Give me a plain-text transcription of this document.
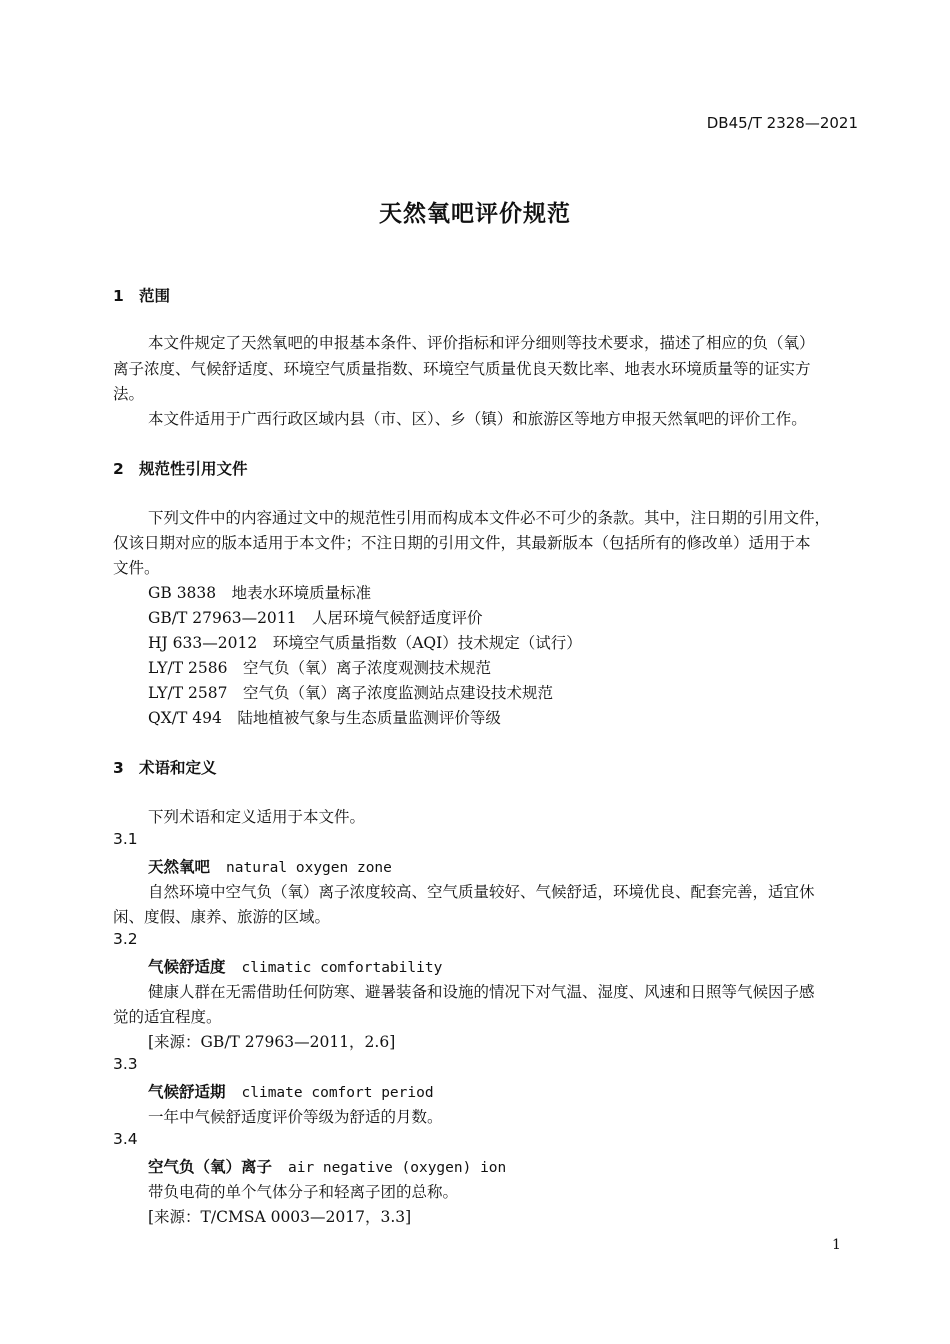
DB45/T 2328—2021
天然氧吧评价规范
1 范围
本文件规定了天然氧吧的申报基本条件、评价指标和评分细则等技术要求，描述了相应的负（氧）
离子浓度、气候舒适度、环境空气质量指数、环境空气质量优良天数比率、地表水环境质量等的证实方
法。
本文件适用于广西行政区域内县（市、区）、乡（镇）和旅游区等地方申报天然氧吧的评价工作。
2 规范性引用文件
下列文件中的内容通过文中的规范性引用而构成本文件必不可少的条款。其中，注日期的引用文件，
仅该日期对应的版本适用于本文件；不注日期的引用文件，其最新版本（包括所有的修改单）适用于本
文件。
GB 3838　地表水环境质量标准
GB/T 27963—2011　人居环境气候舒适度评价
HJ 633—2012　环境空气质量指数（AQI）技术规定（试行）
LY/T 2586　空气负（氧）离子浓度观测技术规范
LY/T 2587　空气负（氧）离子浓度监测站点建设技术规范
QX/T 494　陆地植被气象与生态质量监测评价等级
3 术语和定义
下列术语和定义适用于本文件。
3.1
天然氧吧 natural oxygen zone
自然环境中空气负（氧）离子浓度较高、空气质量较好、气候舒适，环境优良、配套完善，适宜休
闲、度假、康养、旅游的区域。
3.2
气候舒适度 climatic comfortability
健康人群在无需借助任何防寒、避暑装备和设施的情况下对气温、湿度、风速和日照等气候因子感
觉的适宜程度。
[来源：GB/T 27963—2011，2.6]
3.3
气候舒适期 climate comfort period
一年中气候舒适度评价等级为舒适的月数。
3.4
空气负（氧）离子 air negative (oxygen) ion
带负电荷的单个气体分子和轻离子团的总称。
[来源：T/CMSA 0003—2017，3.3]
1
